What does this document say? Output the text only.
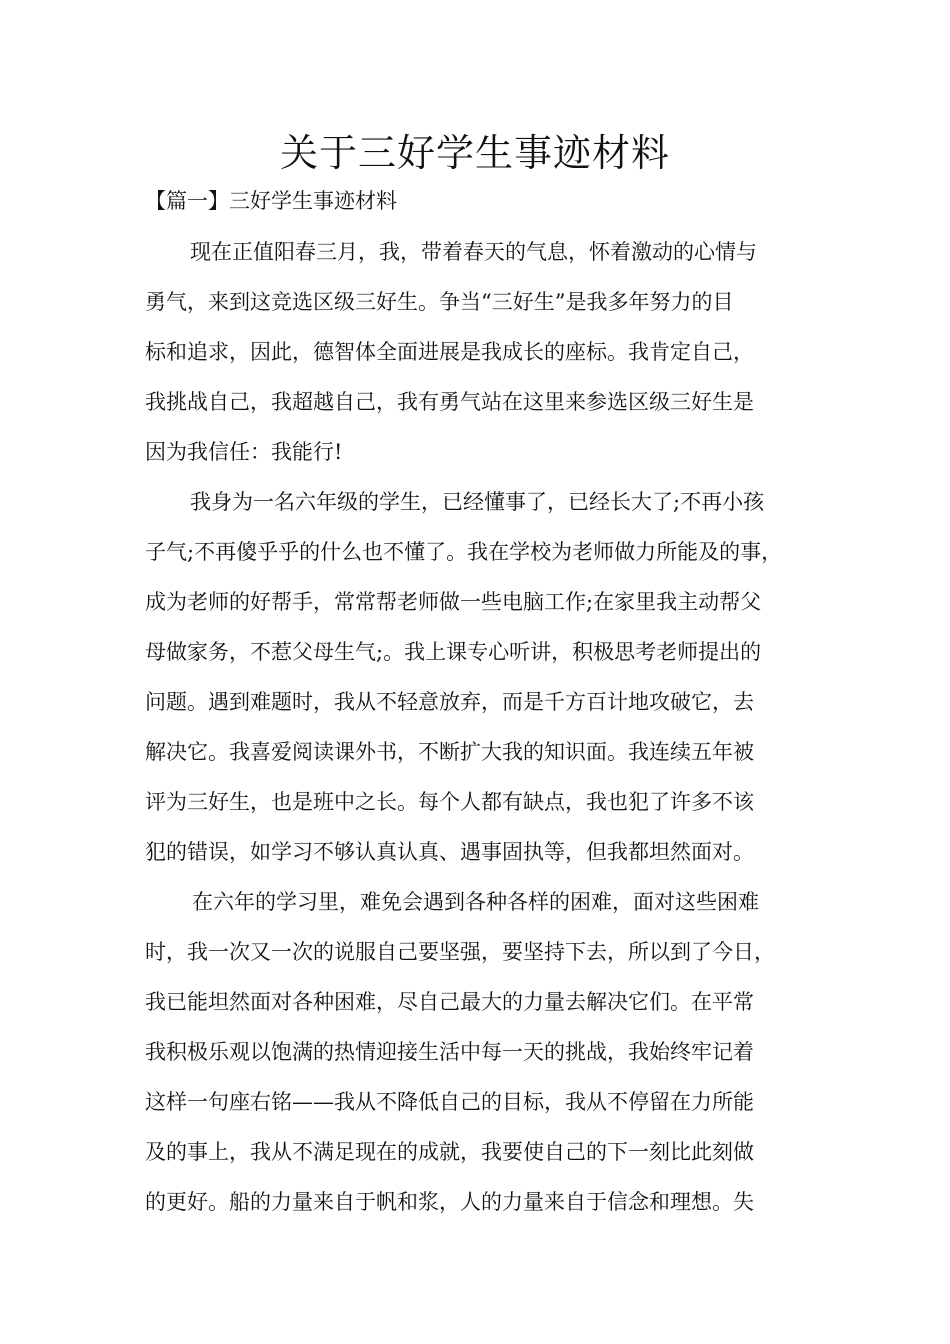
关于三好学生事迹材料
【篇一】三好学生事迹材料
现在正值阳春三月，我，带着春天的气息，怀着激动的心情与
勇气，来到这竞选区级三好生。争当“三好生”是我多年努力的目
标和追求，因此，德智体全面进展是我成长的座标。我肯定自己，
我挑战自己，我超越自己，我有勇气站在这里来参选区级三好生是
因为我信任：我能行!
我身为一名六年级的学生，已经懂事了，已经长大了;不再小孩
子气;不再傻乎乎的什么也不懂了。我在学校为老师做力所能及的事，
成为老师的好帮手，常常帮老师做一些电脑工作;在家里我主动帮父
母做家务，不惹父母生气;。我上课专心听讲，积极思考老师提出的
问题。遇到难题时，我从不轻意放弃，而是千方百计地攻破它，去
解决它。我喜爱阅读课外书，不断扩大我的知识面。我连续五年被
评为三好生，也是班中之长。每个人都有缺点，我也犯了许多不该
犯的错误，如学习不够认真认真、遇事固执等，但我都坦然面对。
在六年的学习里，难免会遇到各种各样的困难，面对这些困难
时，我一次又一次的说服自己要坚强，要坚持下去，所以到了今日，
我已能坦然面对各种困难，尽自己最大的力量去解决它们。在平常
我积极乐观以饱满的热情迎接生活中每一天的挑战，我始终牢记着
这样一句座右铭——我从不降低自己的目标，我从不停留在力所能
及的事上，我从不满足现在的成就，我要使自己的下一刻比此刻做
的更好。船的力量来自于帆和浆，人的力量来自于信念和理想。失
